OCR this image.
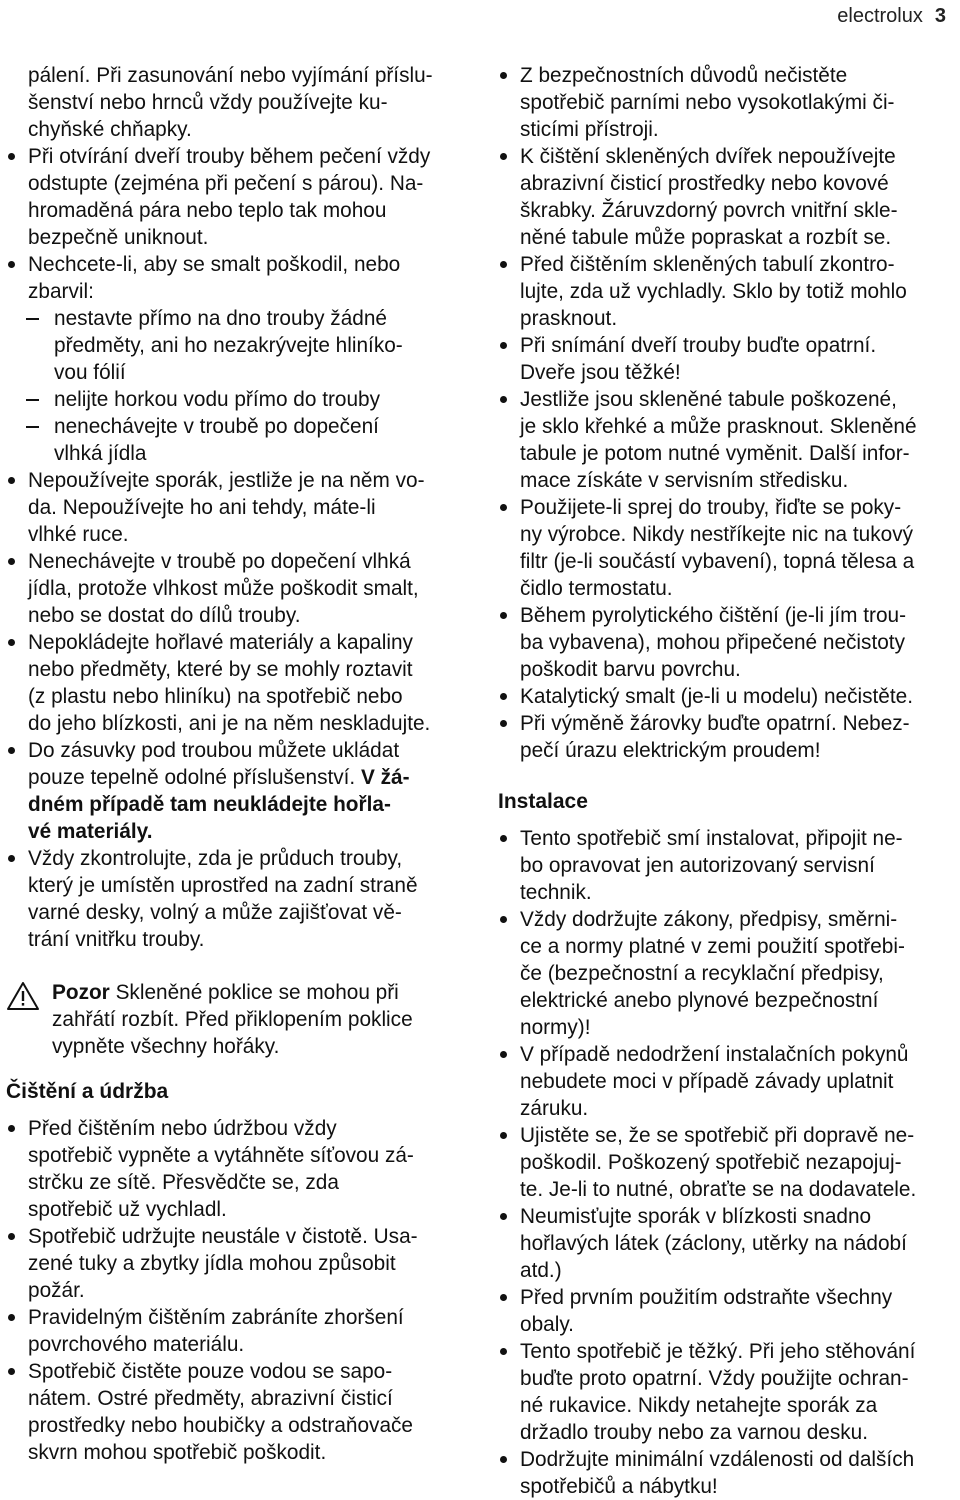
electrolux 3
pálení. Při zasunování nebo vyjímání příslu-
šenství nebo hrnců vždy používejte ku-
chyňské chňapky.
Při otvírání dveří trouby během pečení vždy
odstupte (zejména při pečení s párou). Na-
hromaděná pára nebo teplo tak mohou
bezpečně uniknout.
Nechcete-li, aby se smalt poškodil, nebo
zbarvil:
nestavte přímo na dno trouby žádné
předměty, ani ho nezakrývejte hliníko-
vou fólií
nelijte horkou vodu přímo do trouby
nenechávejte v troubě po dopečení
vlhká jídla
Nepoužívejte sporák, jestliže je na něm vo-
da. Nepoužívejte ho ani tehdy, máte-li
vlhké ruce.
Nenechávejte v troubě po dopečení vlhká
jídla, protože vlhkost může poškodit smalt,
nebo se dostat do dílů trouby.
Nepokládejte hořlavé materiály a kapaliny
nebo předměty, které by se mohly roztavit
(z plastu nebo hliníku) na spotřebič nebo
do jeho blízkosti, ani je na něm neskladujte.
Do zásuvky pod troubou můžete ukládat
pouze tepelně odolné příslušenství. V žá-
dném případě tam neukládejte hořla-
vé materiály.
Vždy zkontrolujte, zda je průduch trouby,
který je umístěn uprostřed na zadní straně
varné desky, volný a může zajišťovat vě-
trání vnitřku trouby.
Pozor Skleněné poklice se mohou při
zahřátí rozbít. Před přiklopením poklice
vypněte všechny hořáky.
Čištění a údržba
Před čištěním nebo údržbou vždy
spotřebič vypněte a vytáhněte síťovou zá-
strčku ze sítě. Přesvědčte se, zda
spotřebič už vychladl.
Spotřebič udržujte neustále v čistotě. Usa-
zené tuky a zbytky jídla mohou způsobit
požár.
Pravidelným čištěním zabráníte zhoršení
povrchového materiálu.
Spotřebič čistěte pouze vodou se sapo-
nátem. Ostré předměty, abrazivní čisticí
prostředky nebo houbičky a odstraňovače
skvrn mohou spotřebič poškodit.
Z bezpečnostních důvodů nečistěte
spotřebič parními nebo vysokotlakými či-
sticími přístroji.
K čištění skleněných dvířek nepoužívejte
abrazivní čisticí prostředky nebo kovové
škrabky. Žáruvzdorný povrch vnitřní skle-
něné tabule může popraskat a rozbít se.
Před čištěním skleněných tabulí zkontro-
lujte, zda už vychladly. Sklo by totiž mohlo
prasknout.
Při snímání dveří trouby buďte opatrní.
Dveře jsou těžké!
Jestliže jsou skleněné tabule poškozené,
je sklo křehké a může prasknout. Skleněné
tabule je potom nutné vyměnit. Další infor-
mace získáte v servisním středisku.
Použijete-li sprej do trouby, řiďte se poky-
ny výrobce. Nikdy nestříkejte nic na tukový
filtr (je-li součástí vybavení), topná tělesa a
čidlo termostatu.
Během pyrolytického čištění (je-li jím trou-
ba vybavena), mohou připečené nečistoty
poškodit barvu povrchu.
Katalytický smalt (je-li u modelu) nečistěte.
Při výměně žárovky buďte opatrní. Nebez-
pečí úrazu elektrickým proudem!
Instalace
Tento spotřebič smí instalovat, připojit ne-
bo opravovat jen autorizovaný servisní
technik.
Vždy dodržujte zákony, předpisy, směrni-
ce a normy platné v zemi použití spotřebi-
če (bezpečnostní a recyklační předpisy,
elektrické anebo plynové bezpečnostní
normy)!
V případě nedodržení instalačních pokynů
nebudete moci v případě závady uplatnit
záruku.
Ujistěte se, že se spotřebič při dopravě ne-
poškodil. Poškozený spotřebič nezapojuj-
te. Je-li to nutné, obraťte se na dodavatele.
Neumisťujte sporák v blízkosti snadno
hořlavých látek (záclony, utěrky na nádobí
atd.)
Před prvním použitím odstraňte všechny
obaly.
Tento spotřebič je těžký. Při jeho stěhování
buďte proto opatrní. Vždy použijte ochran-
né rukavice. Nikdy netahejte sporák za
držadlo trouby nebo za varnou desku.
Dodržujte minimální vzdálenosti od dalších
spotřebičů a nábytku!
